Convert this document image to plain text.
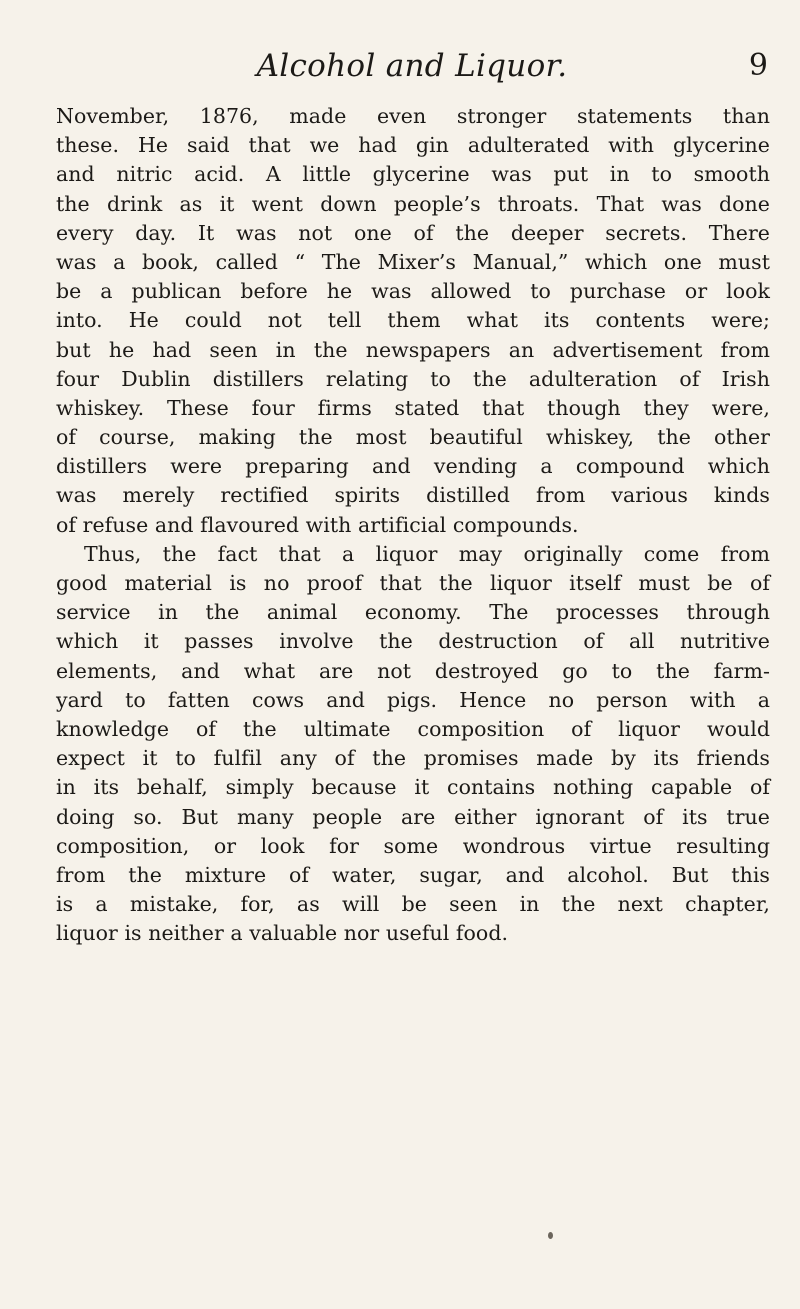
Alcohol and Liquor.	9
November, 1876, made even stronger statements than
these. He said that we had gin adulterated with glycerine
and nitric acid. A little glycerine was put in to smooth
the drink as it went down people’s throats. That was done
every day. It was not one of the deeper secrets. There
was a book, called “ The Mixer’s Manual,” which one must
be a publican before he was allowed to purchase or look
into. He could not tell them what its contents were;
but he had seen in the newspapers an advertisement from
four Dublin distillers relating to the adulteration of Irish
whiskey. These four firms stated that though they were,
of course, making the most beautiful whiskey, the other
distillers were preparing and vending a compound which
was merely rectified spirits distilled from various kinds
of refuse and flavoured with artificial compounds.
Thus, the fact that a liquor may originally come from
good material is no proof that the liquor itself must be of
service in the animal economy. The processes through
which it passes involve the destruction of all nutritive
elements, and what are not destroyed go to the farm-
yard to fatten cows and pigs. Hence no person with a
knowledge of the ultimate composition of liquor would
expect it to fulfil any of the promises made by its friends
in its behalf, simply because it contains nothing capable of
doing so. But many people are either ignorant of its true
composition, or look for some wondrous virtue resulting
from the mixture of water, sugar, and alcohol. But this
is a mistake, for, as will be seen in the next chapter,
liquor is neither a valuable nor useful food.
